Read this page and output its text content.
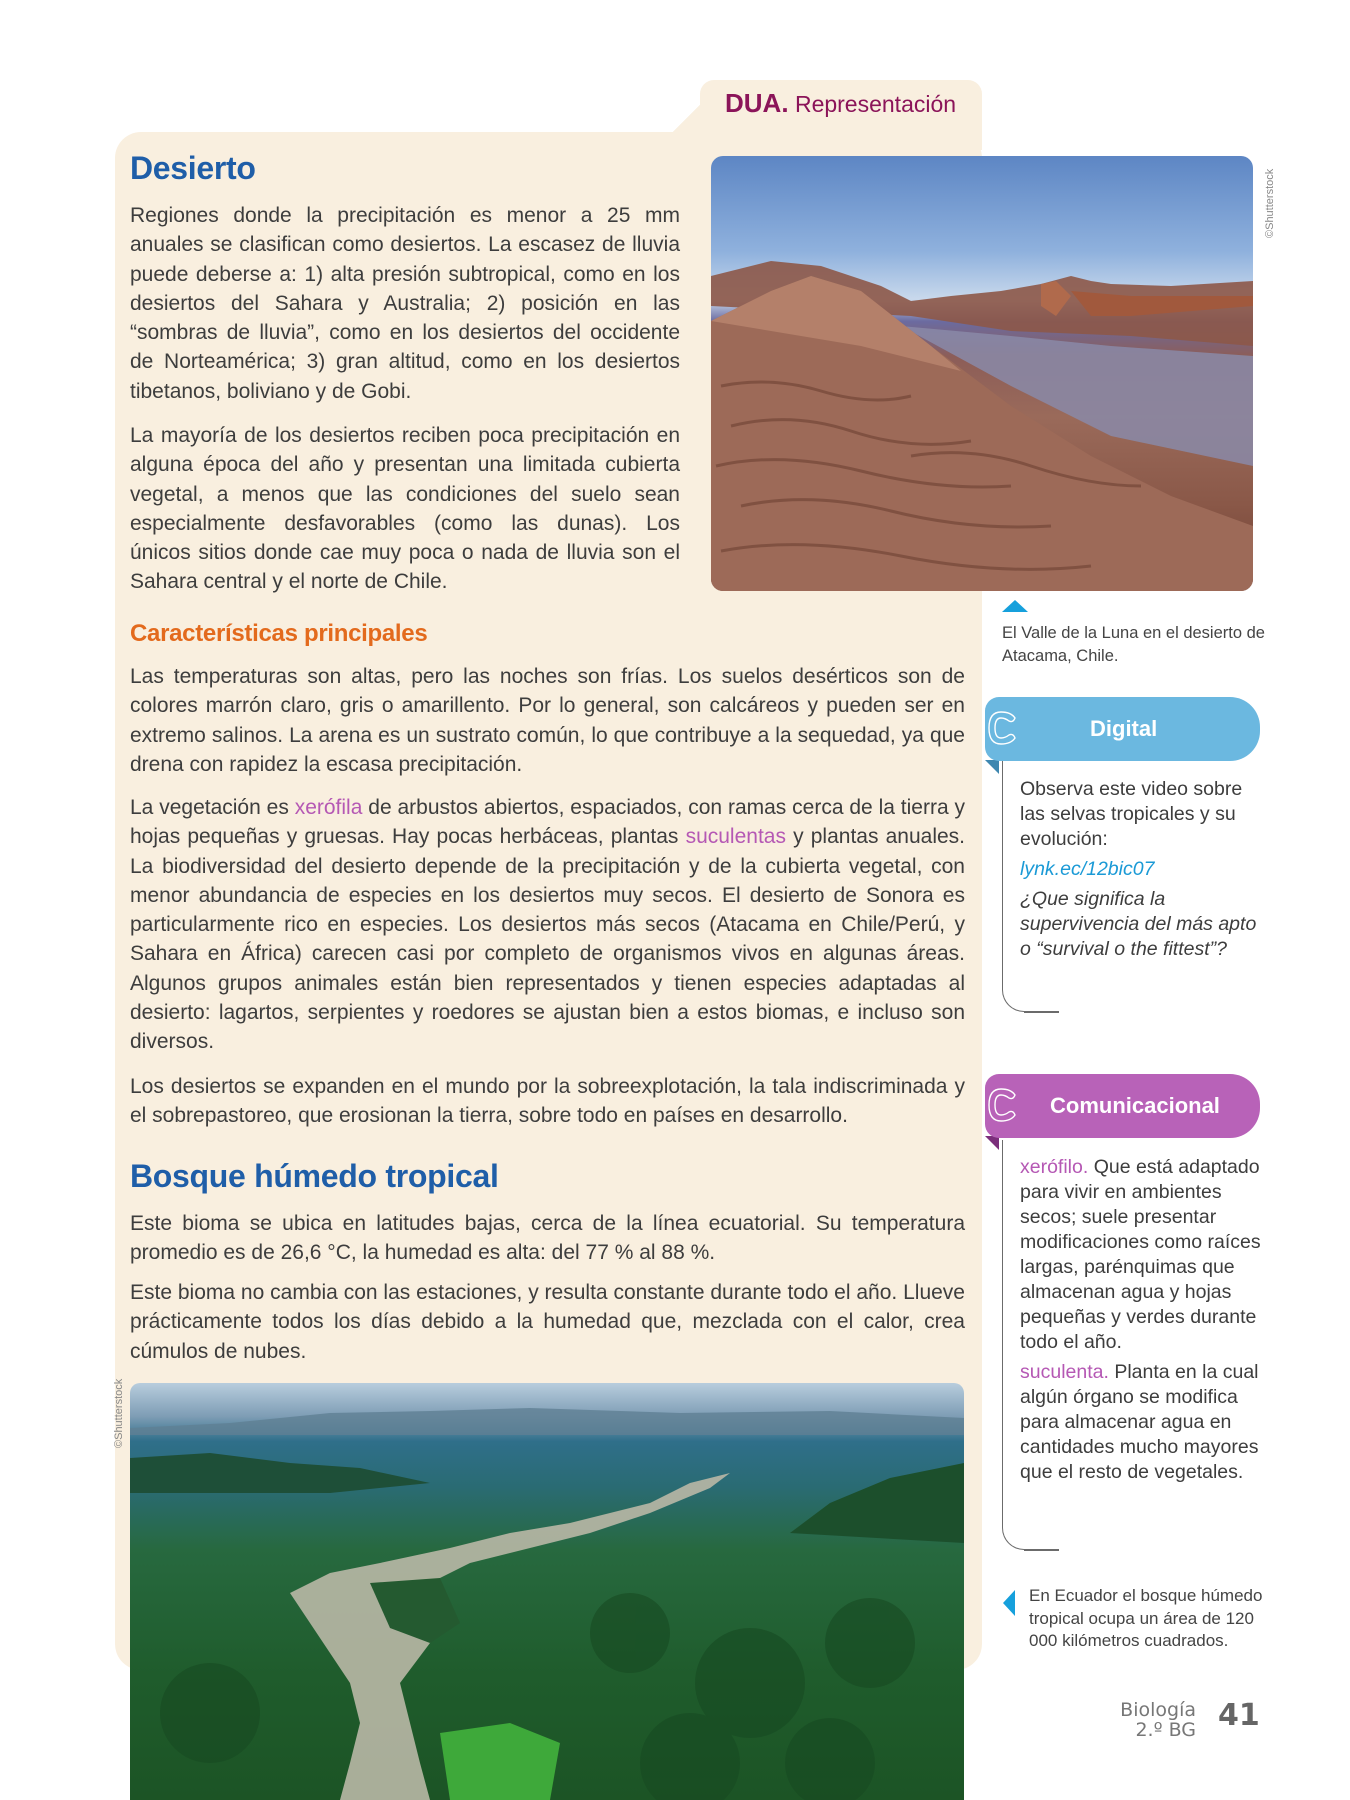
DUA. Representación
Desierto

Regiones donde la precipitación es menor a 25 mm anuales se clasifican como desiertos. La escasez de lluvia puede deberse a: 1) alta presión subtropical, como en los desiertos del Sahara y Australia; 2) posición en las “sombras de lluvia”, como en los desiertos del occidente de Norteamérica; 3) gran altitud, como en los desiertos tibetanos, boliviano y de Gobi.

La mayoría de los desiertos reciben poca precipitación en alguna época del año y presentan una limitada cubierta vegetal, a menos que las condiciones del suelo sean especialmente desfavorables (como las dunas). Los únicos sitios donde cae muy poca o nada de lluvia son el Sahara central y el norte de Chile.

©Shutterstock
El Valle de la Luna en el desierto de Atacama, Chile.
Características principales

Las temperaturas son altas, pero las noches son frías. Los suelos desérticos son de colores marrón claro, gris o amarillento. Por lo general, son calcáreos y pueden ser en extremo salinos. La arena es un sustrato común, lo que contribuye a la sequedad, ya que drena con rapidez la escasa precipitación.

La vegetación es xerófila de arbustos abiertos, espaciados, con ramas cerca de la tierra y hojas pequeñas y gruesas. Hay pocas herbáceas, plantas suculentas y plantas anuales. La biodiversidad del desierto depende de la precipitación y de la cubierta vegetal, con menor abundancia de especies en los desiertos muy secos. El desierto de Sonora es particularmente rico en especies. Los desiertos más secos (Atacama en Chile/Perú, y Sahara en África) carecen casi por completo de organismos vivos en algunas áreas. Algunos grupos animales están bien representados y tienen especies adaptadas al desierto: lagartos, serpientes y roedores se ajustan bien a estos biomas, e incluso son diversos.

Los desiertos se expanden en el mundo por la sobreexplotación, la tala indiscriminada y el sobrepastoreo, que erosionan la tierra, sobre todo en países en desarrollo.

Bosque húmedo tropical

Este bioma se ubica en latitudes bajas, cerca de la línea ecuatorial. Su temperatura promedio es de 26,6 °C, la humedad es alta: del 77 % al 88 %.

Este bioma no cambia con las estaciones, y resulta constante durante todo el año. Llueve prácticamente todos los días debido a la humedad que, mezclada con el calor, crea cúmulos de nubes.

©Shutterstock
Digital
Observa este video sobre las selvas tropicales y su evolución:
lynk.ec/12bic07
¿Que significa la supervivencia del más apto o “survival o the fittest”?
Comunicacional
xerófilo. Que está adaptado para vivir en ambientes secos; suele presentar modificaciones como raíces largas, parénquimas que almacenan agua y hojas pequeñas y verdes durante todo el año.
suculenta. Planta en la cual algún órgano se modifica para almacenar agua en cantidades mucho mayores que el resto de vegetales.
En Ecuador el bosque húmedo tropical ocupa un área de 120 000 kilómetros cuadrados.
Biología
2.º BG 41
